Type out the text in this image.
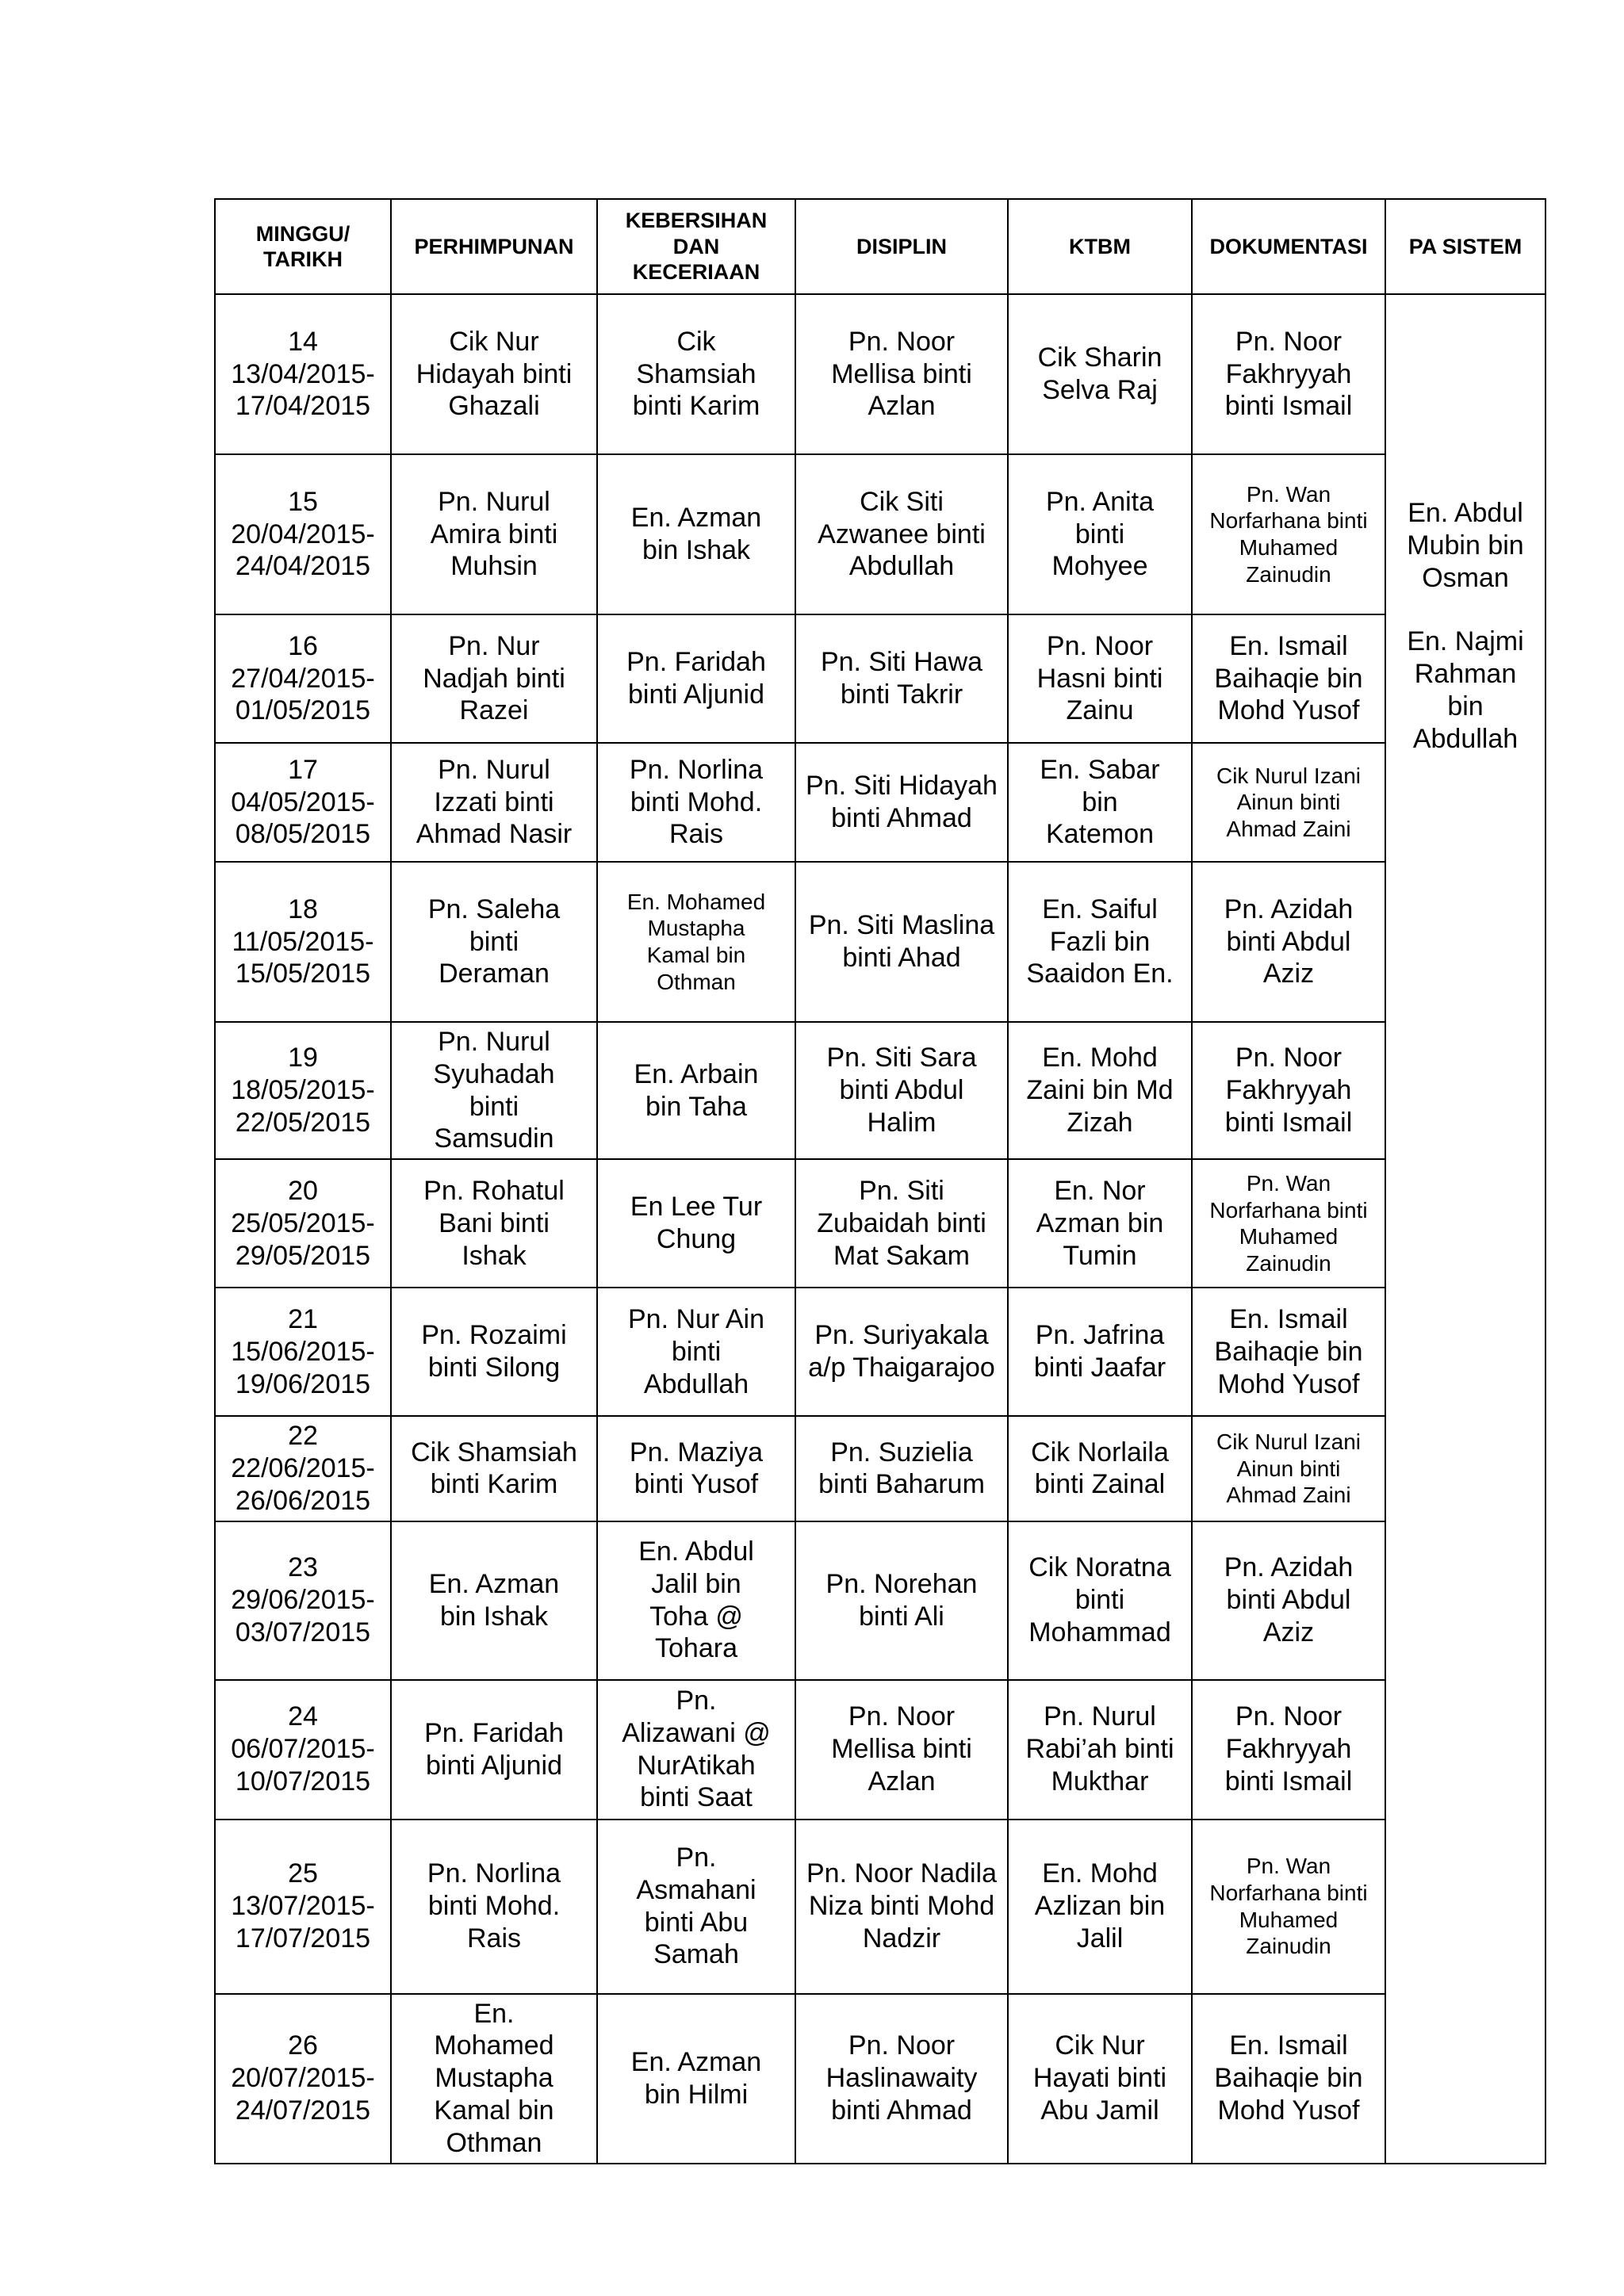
MINGGU/ TARIKH	PERHIMPUNAN	KEBERSIHAN DAN KECERIAAN	DISIPLIN	KTBM	DOKUMENTASI	PA SISTEM

14
13/04/2015-
17/04/2015	Cik Nur Hidayah binti Ghazali	Cik Shamsiah binti Karim	Pn. Noor Mellisa binti Azlan	Cik Sharin Selva Raj	Pn. Noor Fakhryyah binti Ismail	En. Abdul Mubin bin Osman
En. Najmi Rahman bin Abdullah

15
20/04/2015-
24/04/2015	Pn. Nurul Amira binti Muhsin	En. Azman bin Ishak	Cik Siti Azwanee binti Abdullah	Pn. Anita binti Mohyee	Pn. Wan Norfarhana binti Muhamed Zainudin	

16
27/04/2015-
01/05/2015	Pn. Nur Nadjah binti Razei	Pn. Faridah binti Aljunid	Pn. Siti Hawa binti Takrir	Pn. Noor Hasni binti Zainu	En. Ismail Baihaqie bin Mohd Yusof	

17
04/05/2015-
08/05/2015	Pn. Nurul Izzati binti Ahmad Nasir	Pn. Norlina binti Mohd. Rais	Pn. Siti Hidayah binti Ahmad	En. Sabar bin Katemon	Cik Nurul Izani Ainun binti Ahmad Zaini	

18
11/05/2015-
15/05/2015	Pn. Saleha binti Deraman	En. Mohamed Mustapha Kamal bin Othman	Pn. Siti Maslina binti Ahad	En. Saiful Fazli bin Saaidon En.	Pn. Azidah binti Abdul Aziz	

19
18/05/2015-
22/05/2015	Pn. Nurul Syuhadah binti Samsudin	En. Arbain bin Taha	Pn. Siti Sara binti Abdul Halim	En. Mohd Zaini bin Md Zizah	Pn. Noor Fakhryyah binti Ismail	

20
25/05/2015-
29/05/2015	Pn. Rohatul Bani binti Ishak	En Lee Tur Chung	Pn. Siti Zubaidah binti Mat Sakam	En. Nor Azman bin Tumin	Pn. Wan Norfarhana binti Muhamed Zainudin	

21
15/06/2015-
19/06/2015	Pn. Rozaimi binti Silong	Pn. Nur Ain binti Abdullah	Pn. Suriyakala a/p Thaigarajoo	Pn. Jafrina binti Jaafar	En. Ismail Baihaqie bin Mohd Yusof	

22
22/06/2015-
26/06/2015	Cik Shamsiah binti Karim	Pn. Maziya binti Yusof	Pn. Suzielia binti Baharum	Cik Norlaila binti Zainal	Cik Nurul Izani Ainun binti Ahmad Zaini	

23
29/06/2015-
03/07/2015	En. Azman bin Ishak	En. Abdul Jalil bin Toha @ Tohara	Pn. Norehan binti Ali	Cik Noratna binti Mohammad	Pn. Azidah binti Abdul Aziz	

24
06/07/2015-
10/07/2015	Pn. Faridah binti Aljunid	Pn. Alizawani @ NurAtikah binti Saat	Pn. Noor Mellisa binti Azlan	Pn. Nurul Rabi’ah binti Mukthar	Pn. Noor Fakhryyah binti Ismail	

25
13/07/2015-
17/07/2015	Pn. Norlina binti Mohd. Rais	Pn. Asmahani binti Abu Samah	Pn. Noor Nadila Niza binti Mohd Nadzir	En. Mohd Azlizan bin Jalil	Pn. Wan Norfarhana binti Muhamed Zainudin	

26
20/07/2015-
24/07/2015	En. Mohamed Mustapha Kamal bin Othman	En. Azman bin Hilmi	Pn. Noor Haslinawaity binti Ahmad	Cik Nur Hayati binti Abu Jamil	En. Ismail Baihaqie bin Mohd Yusof	
